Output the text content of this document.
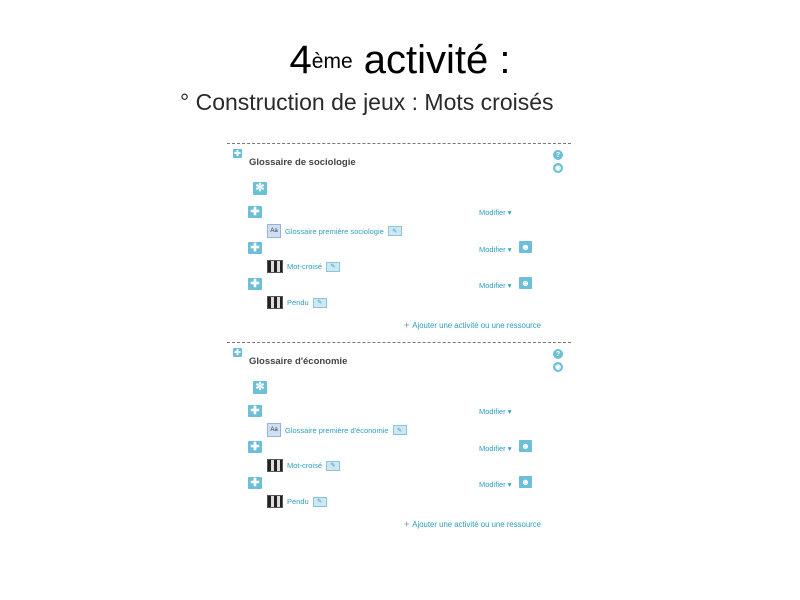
4ème activité :
° Construction de jeux : Mots croisés
✚
Glossaire de sociologie
?
◉
✻
✚	Modifier ▾
Aa Glossaire première sociologie	✎
✚	Modifier ▾ ☻
Mot-croisé	✎
✚	Modifier ▾ ☻
Pendu	✎
+ Ajouter une activité ou une ressource
✚
Glossaire d'économie
?
◉
✻
✚	Modifier ▾
Aa Glossaire première d'économie	✎
✚	Modifier ▾ ☻
Mot-croisé	✎
✚	Modifier ▾ ☻
Pendu	✎
+ Ajouter une activité ou une ressource
